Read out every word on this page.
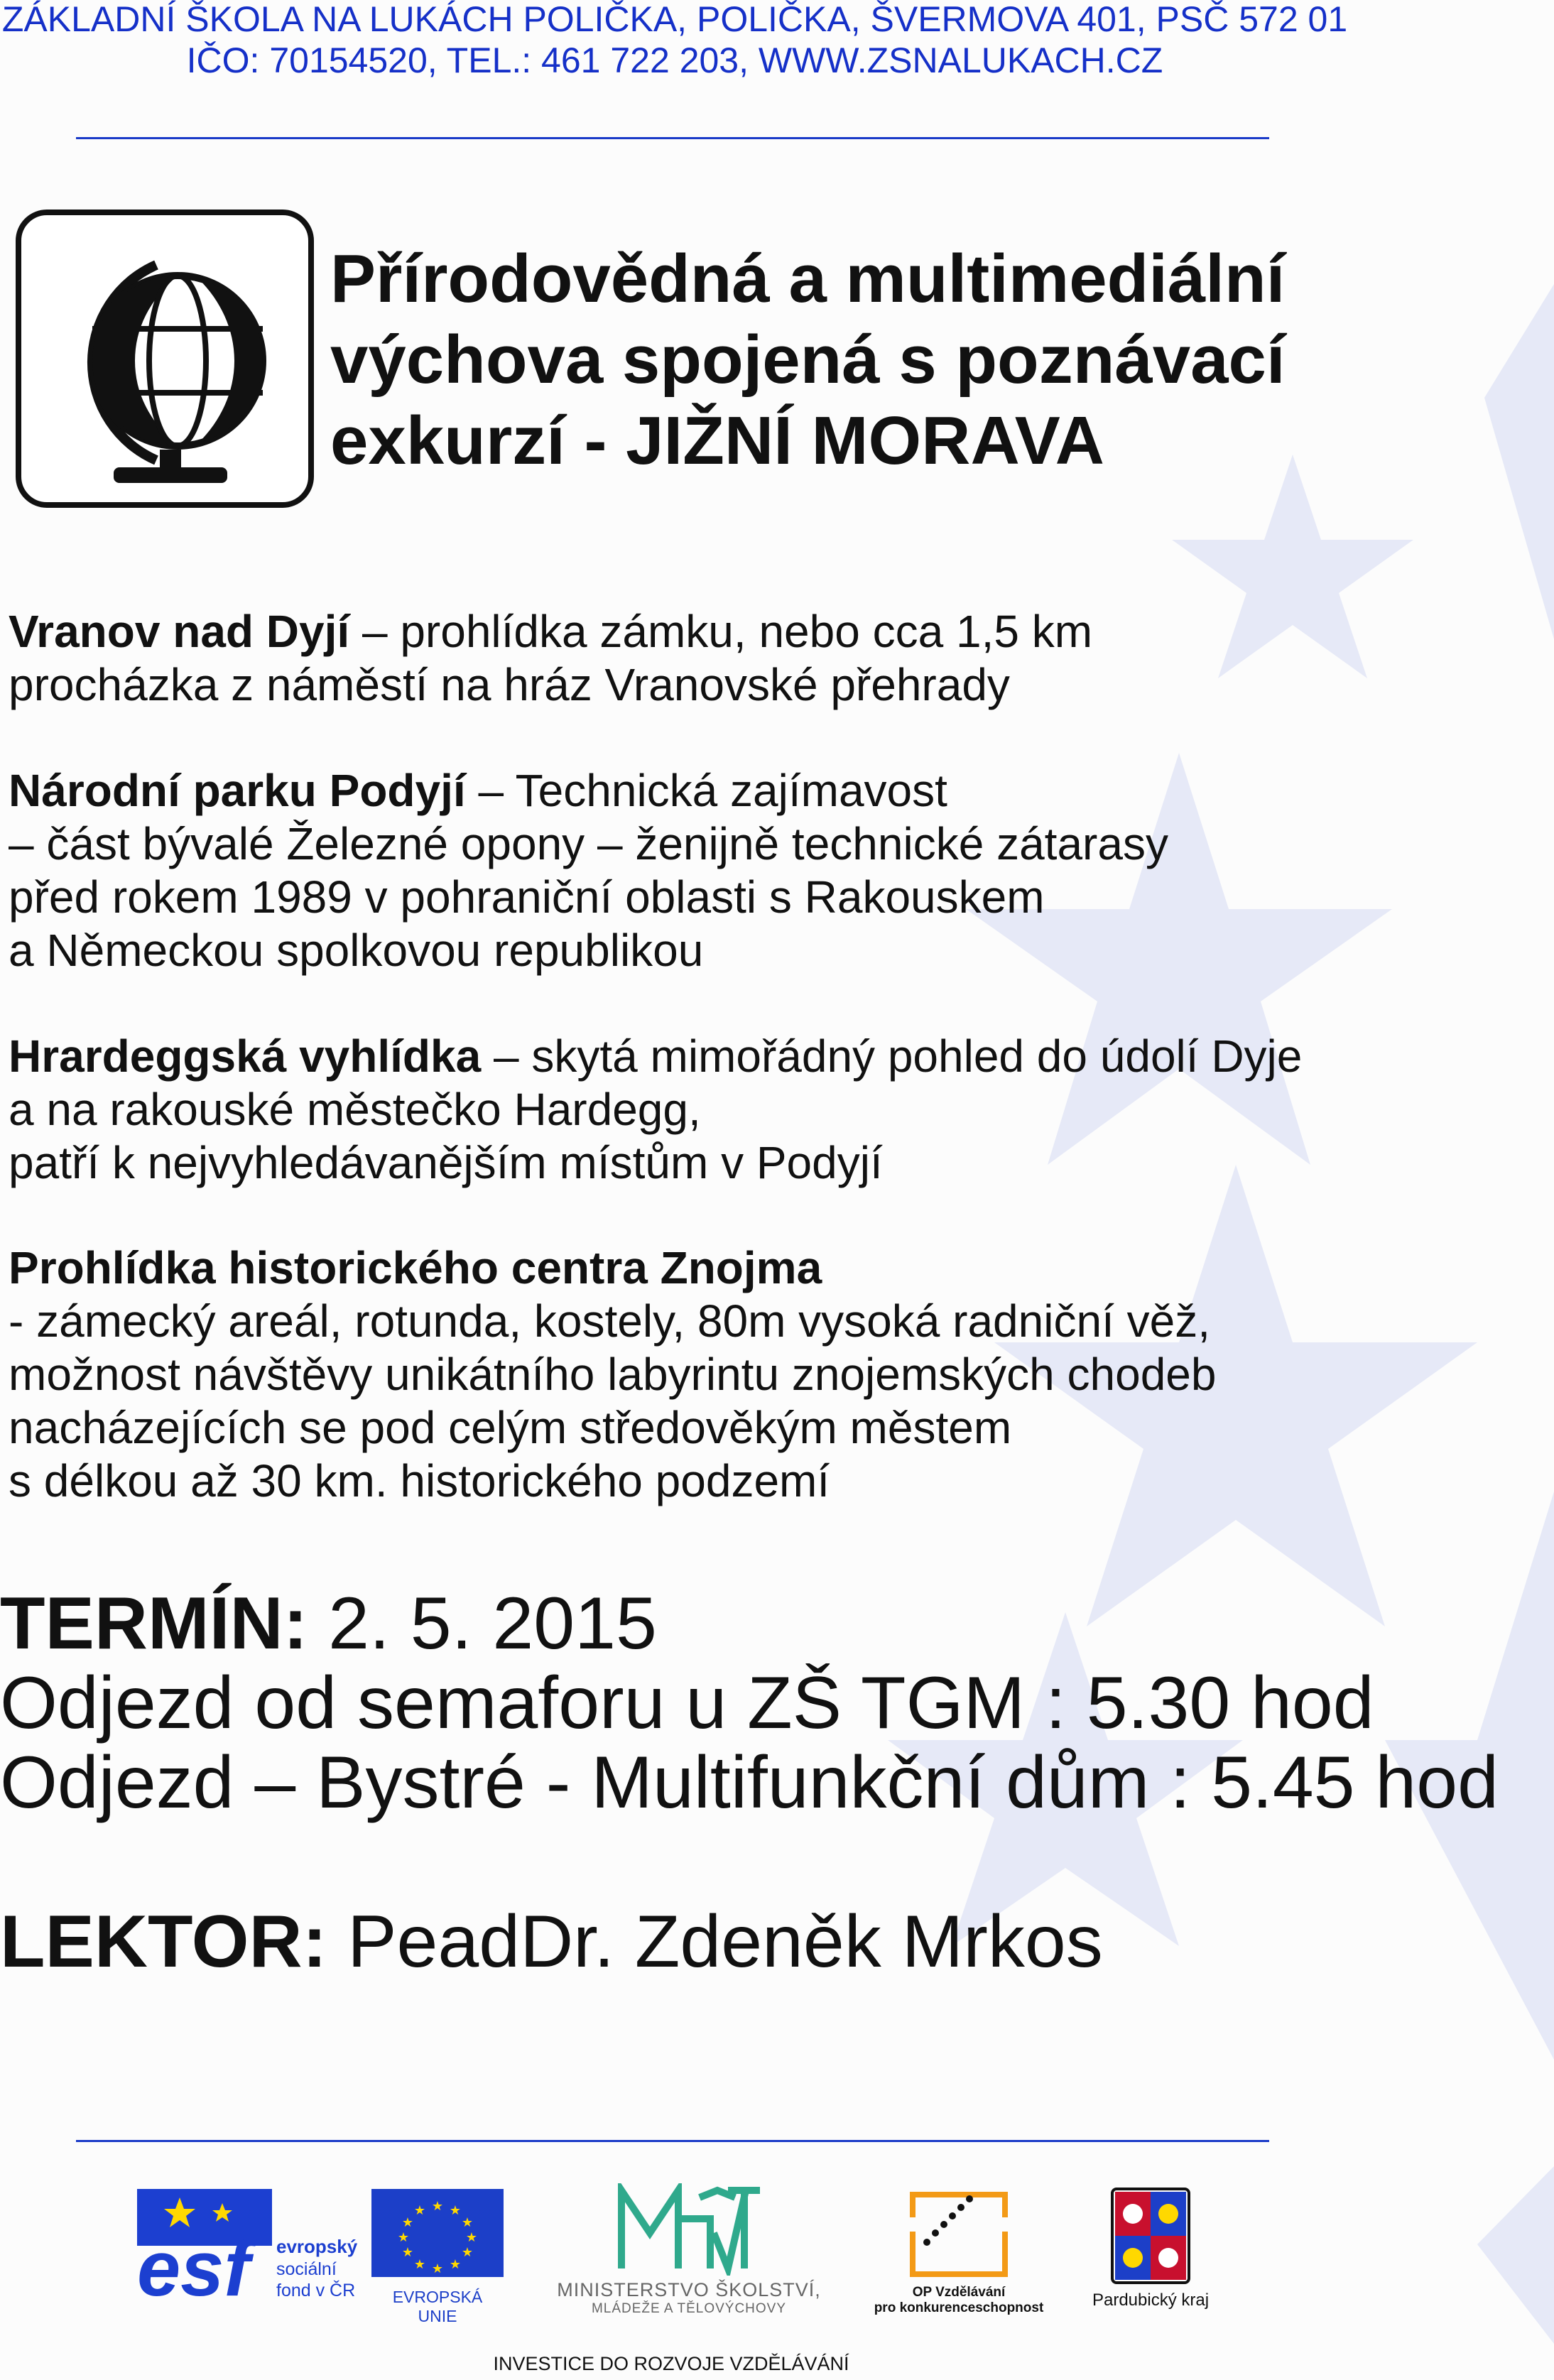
ZÁKLADNÍ ŠKOLA NA LUKÁCH POLIČKA, POLIČKA, ŠVERMOVA 401, PSČ 572 01
IČO: 70154520, TEL.: 461 722 203, WWW.ZSNALUKACH.CZ
Přírodovědná a multimediální
výchova spojená s poznávací
exkurzí - JIŽNÍ MORAVA
Vranov nad Dyjí – prohlídka zámku, nebo cca 1,5 km
procházka z náměstí na hráz Vranovské přehrady
Národní parku Podyjí – Technická zajímavost
– část bývalé Železné opony – ženijně technické zátarasy
před rokem 1989 v pohraniční oblasti s Rakouskem
a Německou spolkovou republikou
Hrardeggská vyhlídka – skytá mimořádný pohled do údolí Dyje
a na rakouské městečko Hardegg,
patří k nejvyhledávanějším místům v Podyjí
Prohlídka historického centra Znojma
- zámecký areál, rotunda, kostely, 80m vysoká radniční věž,
možnost návštěvy unikátního labyrintu znojemských chodeb
nacházejících se pod celým středověkým městem
s délkou až 30 km. historického podzemí
TERMÍN: 2. 5. 2015
Odjezd od semaforu u ZŠ TGM : 5.30 hod
Odjezd – Bystré - Multifunkční dům : 5.45 hod
LEKTOR: PeadDr. Zdeněk Mrkos
esf	evropský
sociální
fond v ČR
★ ★
★
★
★
★
★
★
★
★
★
★
EVROPSKÁ UNIE
MINISTERSTVO ŠKOLSTVÍ,
MLÁDEŽE A TĚLOVÝCHOVY
OP Vzdělávání
pro konkurenceschopnost	Pardubický kraj
INVESTICE DO ROZVOJE VZDĚLÁVÁNÍ
